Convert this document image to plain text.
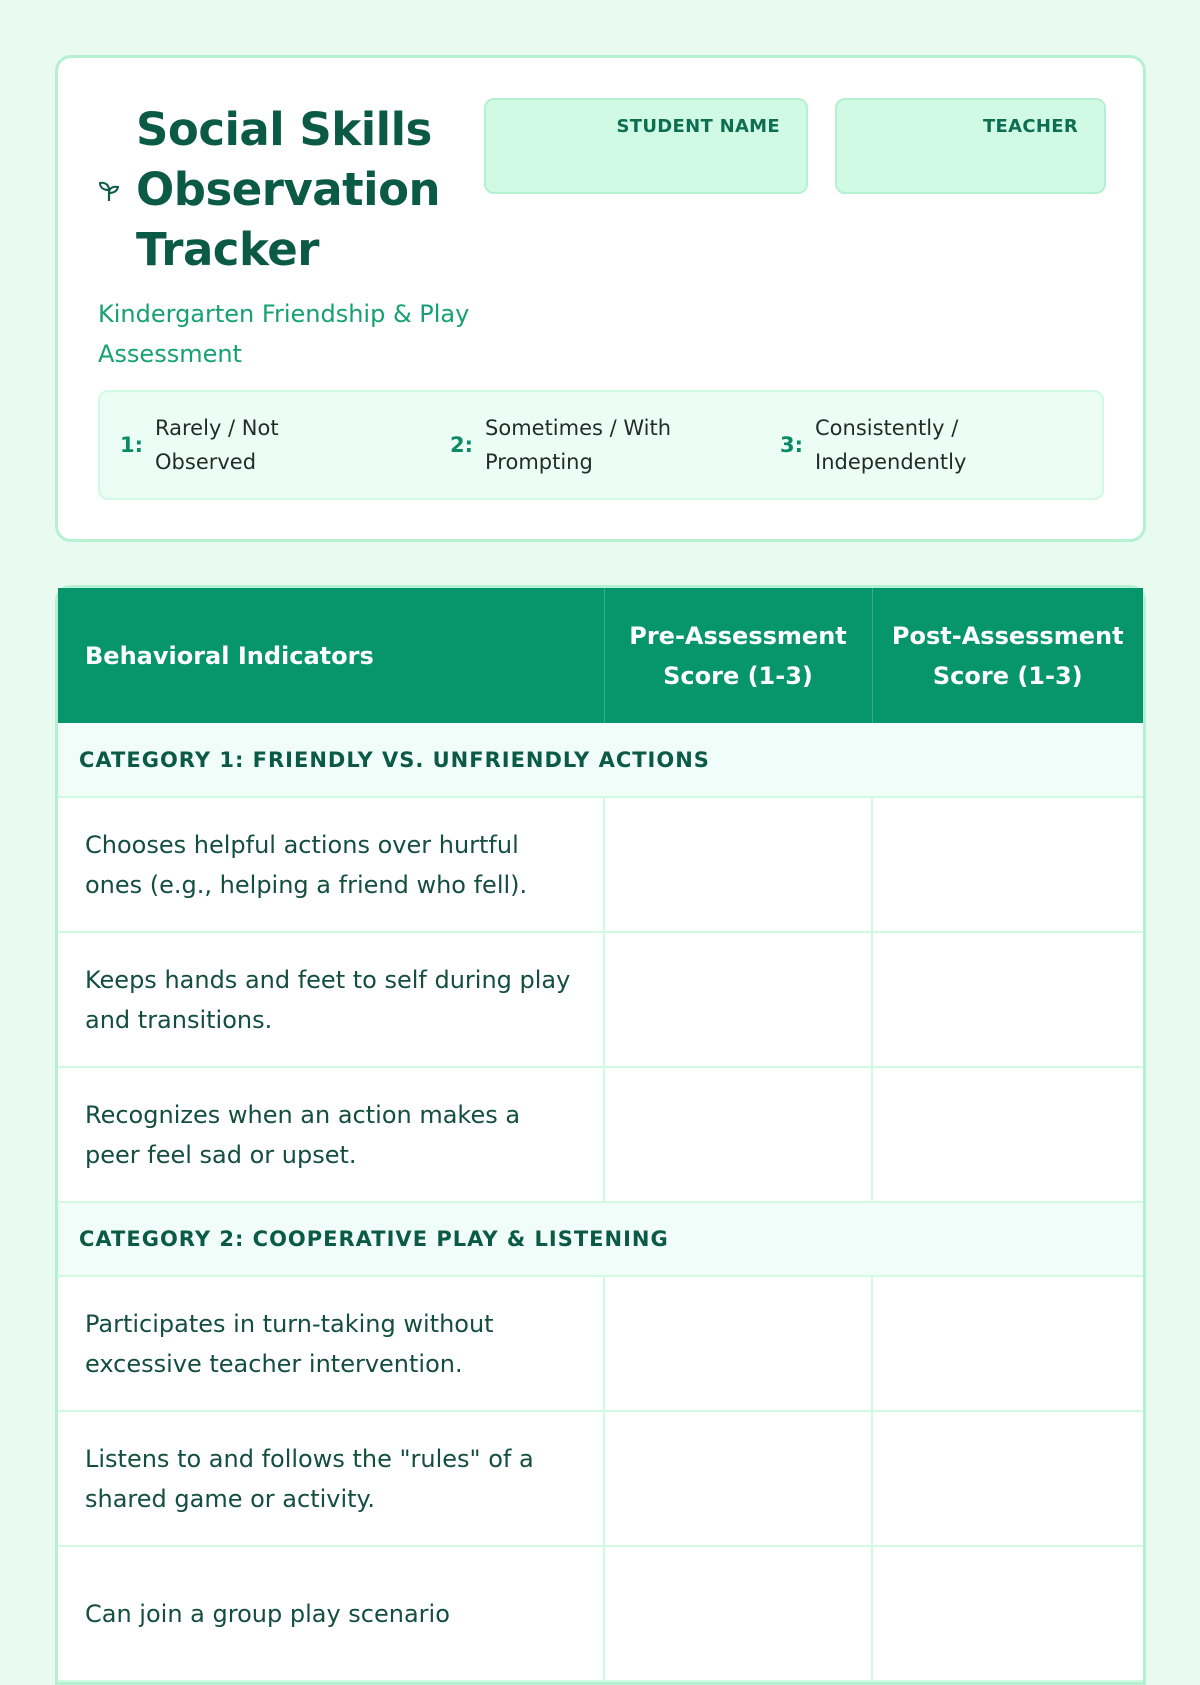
Social Skills Observation Tracker
Kindergarten Friendship & Play Assessment
STUDENT NAME	TEACHER
1:
Rarely / Not Observed
2:
Sometimes / With Prompting
3:
Consistently / Independently
Behavioral Indicators	Pre-Assessment Score (1-3)	Post-Assessment Score (1-3)
CATEGORY 1: FRIENDLY VS. UNFRIENDLY ACTIONS		
Chooses helpful actions over hurtful ones (e.g., helping a friend who fell).		
Keeps hands and feet to self during play and transitions.		
Recognizes when an action makes a peer feel sad or upset.		
CATEGORY 2: COOPERATIVE PLAY & LISTENING		
Participates in turn-taking without excessive teacher intervention.		
Listens to and follows the "rules" of a shared game or activity.		
Can join a group play scenario		
